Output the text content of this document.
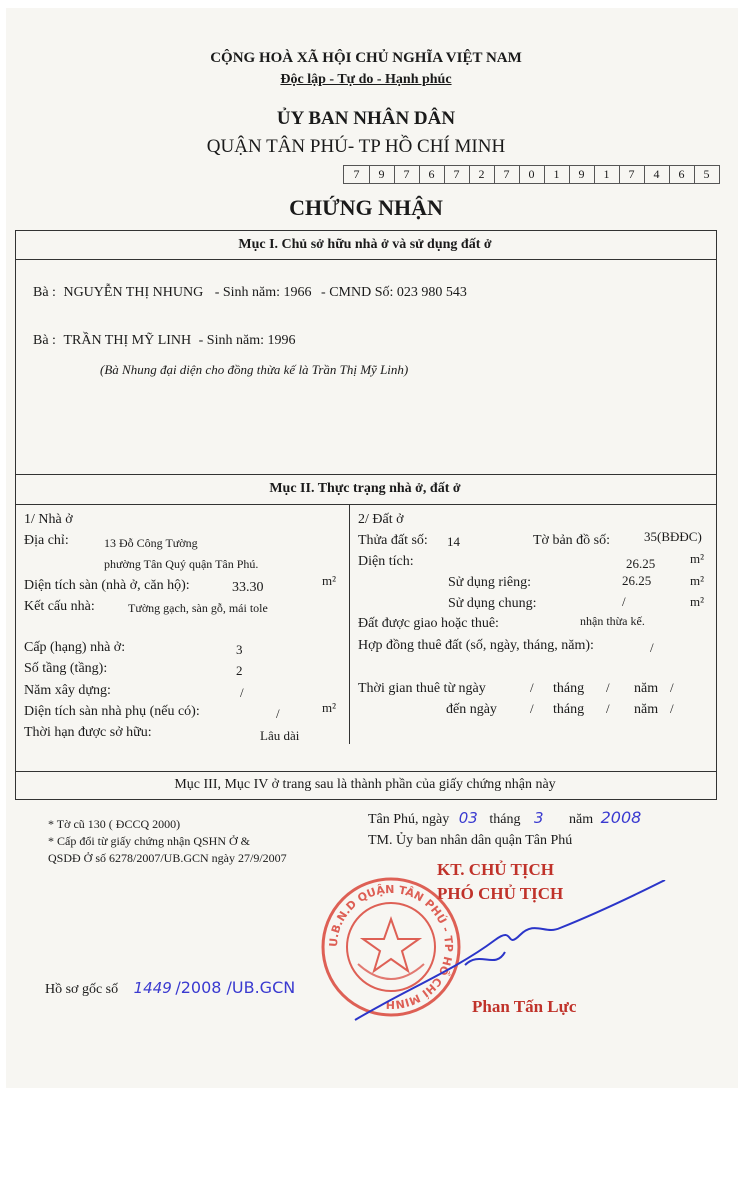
CỘNG HOÀ XÃ HỘI CHỦ NGHĨA VIỆT NAM
Độc lập - Tự do - Hạnh phúc
ỦY BAN NHÂN DÂN
QUẬN TÂN PHÚ- TP HỒ CHÍ MINH
7	9	7	6	7	2	7	0	1	9	1	7	4	6	5
CHỨNG NHẬN
Mục I. Chủ sở hữu nhà ở và sử dụng đất ở
Bà : NGUYỄN THỊ NHUNG - Sinh năm: 1966 - CMND Số: 023 980 543
Bà : TRẦN THỊ MỸ LINH - Sinh năm: 1996
(Bà Nhung đại diện cho đồng thừa kế là Trần Thị Mỹ Linh)
Mục II. Thực trạng nhà ở, đất ở
1/ Nhà ở
Địa chỉ:	13 Đỗ Công Tường
phường Tân Quý quận Tân Phú.
Diện tích sàn (nhà ở, căn hộ):	33.30	m²
Kết cấu nhà:	Tường gạch, sàn gỗ, mái tole
Cấp (hạng) nhà ở:	3
Số tầng (tầng):	2
Năm xây dựng:	/
Diện tích sàn nhà phụ (nếu có):	/	m²
Thời hạn được sở hữu:	Lâu dài
2/ Đất ở
Thửa đất số: 14	Tờ bản đồ số:	35(BĐĐC)
Diện tích:	26.25	m²
Sử dụng riêng:	26.25	m²
Sử dụng chung:	/	m²
Đất được giao hoặc thuê:	nhận thừa kế.
Hợp đồng thuê đất (số, ngày, tháng, năm):	/
Thời gian thuê từ ngày	/ tháng / năm /
đến ngày	/ tháng / năm /
Mục III, Mục IV ở trang sau là thành phần của giấy chứng nhận này
* Tờ cũ 130 ( ĐCCQ 2000)
* Cấp đổi từ giấy chứng nhận QSHN Ở &
QSDĐ Ở số 6278/2007/UB.GCN ngày 27/9/2007
Tân Phú, ngày 03 tháng 3 năm 2008
TM. Ủy ban nhân dân quận Tân Phú
KT. CHỦ TỊCH
PHÓ CHỦ TỊCH
U.B.N.D QUẬN TÂN PHÚ - TP HỒ CHÍ MINH	Phan Tấn Lực
Hồ sơ gốc số 1449 /2008 /UB.GCN
